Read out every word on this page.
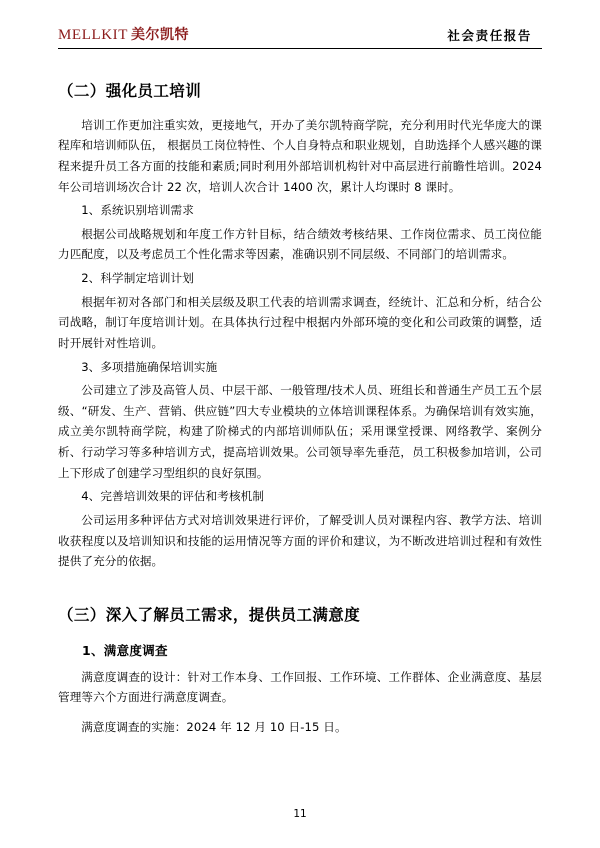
MELLKIT 美尔凯特	社会责任报告
（二）强化员工培训

培训工作更加注重实效，更接地气，开办了美尔凯特商学院，充分利用时代光华庞大的课程库和培训师队伍， 根据员工岗位特性、个人自身特点和职业规划，自助选择个人感兴趣的课程来提升员工各方面的技能和素质;同时利用外部培训机构针对中高层进行前瞻性培训。2024 年公司培训场次合计 22 次，培训人次合计 1400 次，累计人均课时 8 课时。

1、系统识别培训需求

根据公司战略规划和年度工作方针目标，结合绩效考核结果、工作岗位需求、员工岗位能力匹配度，以及考虑员工个性化需求等因素，准确识别不同层级、不同部门的培训需求。

2、科学制定培训计划

根据年初对各部门和相关层级及职工代表的培训需求调查，经统计、汇总和分析，结合公司战略，制订年度培训计划。在具体执行过程中根据内外部环境的变化和公司政策的调整，适时开展针对性培训。

3、多项措施确保培训实施

公司建立了涉及高管人员、中层干部、一般管理/技术人员、班组长和普通生产员工五个层级、“研发、生产、营销、供应链”四大专业模块的立体培训课程体系。为确保培训有效实施，成立美尔凯特商学院，构建了阶梯式的内部培训师队伍；采用课堂授课、网络教学、案例分析、行动学习等多种培训方式，提高培训效果。公司领导率先垂范，员工积极参加培训，公司上下形成了创建学习型组织的良好氛围。

4、完善培训效果的评估和考核机制

公司运用多种评估方式对培训效果进行评价，了解受训人员对课程内容、教学方法、培训收获程度以及培训知识和技能的运用情况等方面的评价和建议，为不断改进培训过程和有效性提供了充分的依据。

（三）深入了解员工需求，提供员工满意度
1、满意度调查

满意度调查的设计：针对工作本身、工作回报、工作环境、工作群体、企业满意度、基层管理等六个方面进行满意度调查。

满意度调查的实施：2024 年 12 月 10 日-15 日。

11
